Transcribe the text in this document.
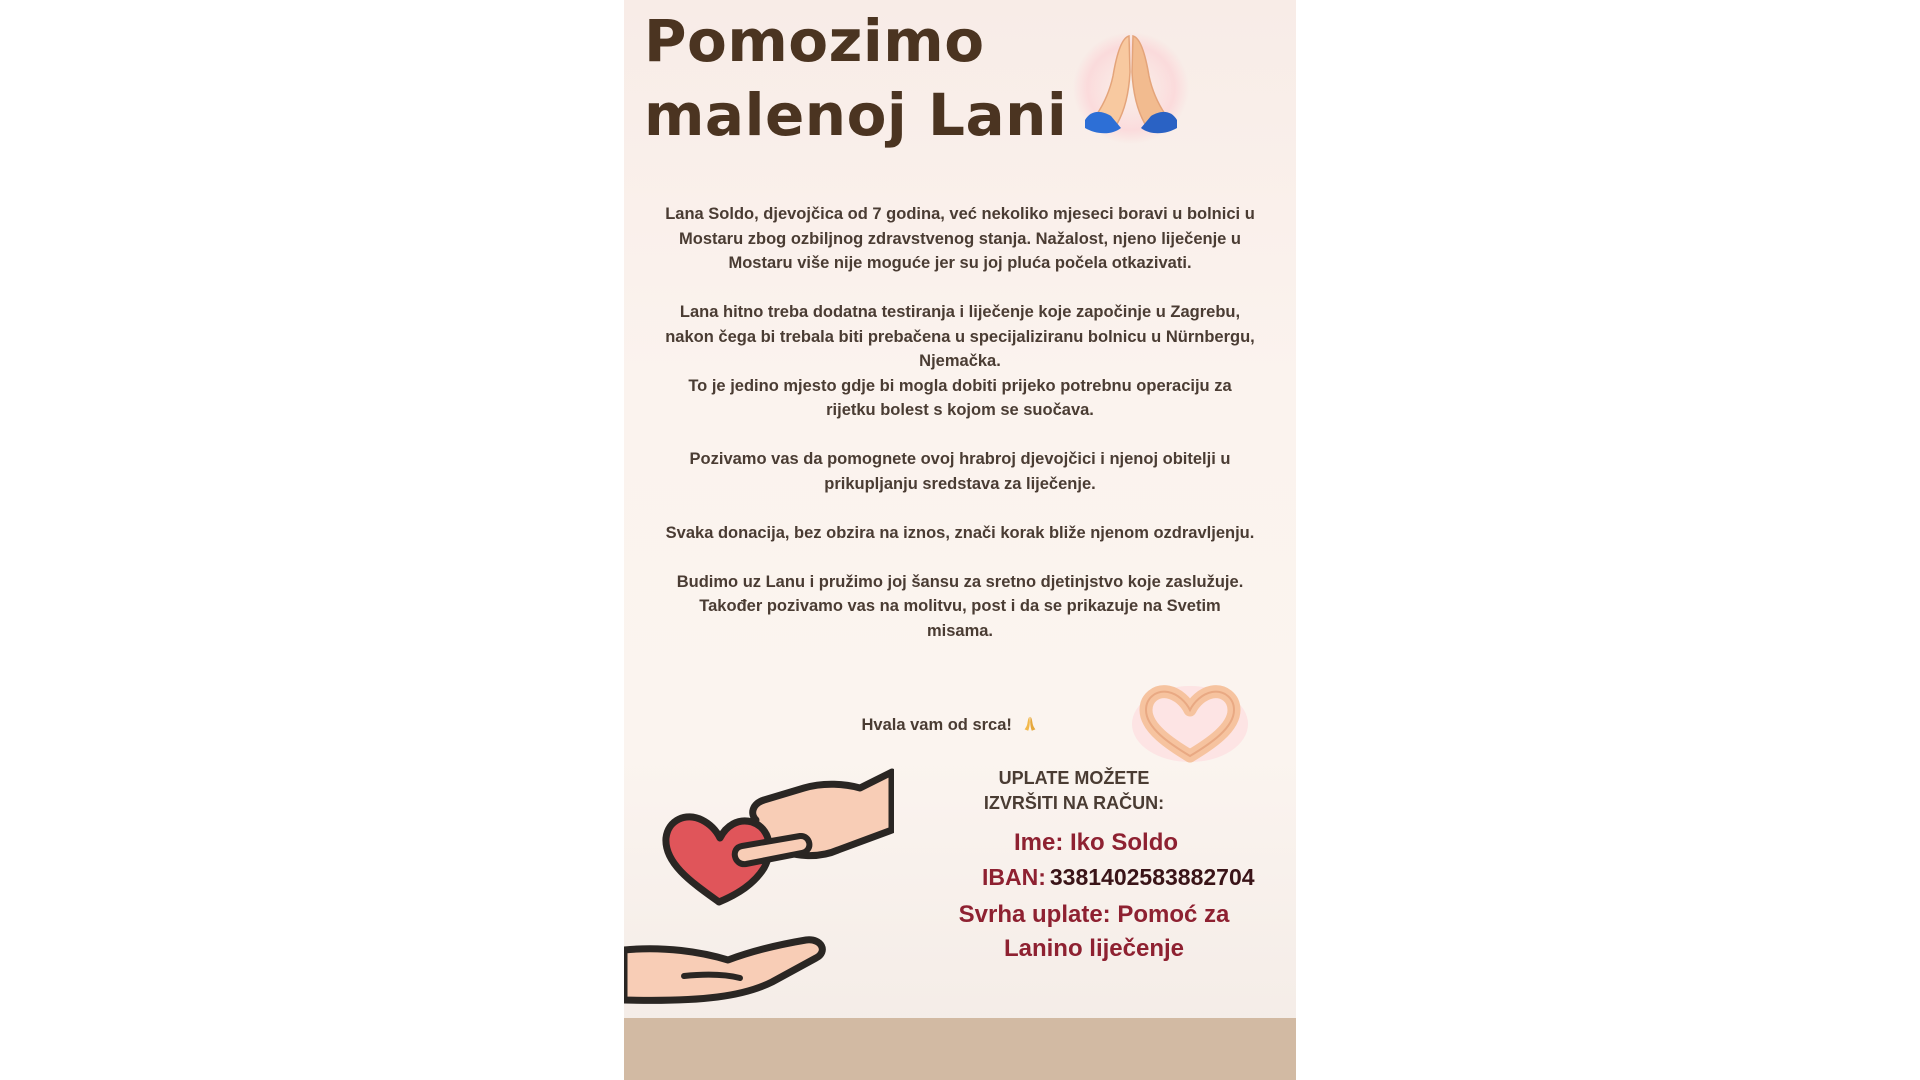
Pomozimo
malenoj Lani

Lana Soldo, djevojčica od 7 godina, već nekoliko mjeseci boravi u bolnici u Mostaru zbog ozbiljnog zdravstvenog stanja. Nažalost, njeno liječenje u Mostaru više nije moguće jer su joj pluća počela otkazivati.

Lana hitno treba dodatna testiranja i liječenje koje započinje u Zagrebu, nakon čega bi trebala biti prebačena u specijaliziranu bolnicu u Nürnbergu, Njemačka.

To je jedino mjesto gdje bi mogla dobiti prijeko potrebnu operaciju za rijetku bolest s kojom se suočava.

Pozivamo vas da pomognete ovoj hrabroj djevojčici i njenoj obitelji u prikupljanju sredstava za liječenje.

Svaka donacija, bez obzira na iznos, znači korak bliže njenom ozdravljenju.

Budimo uz Lanu i pružimo joj šansu za sretno djetinjstvo koje zaslužuje. Također pozivamo vas na molitvu, post i da se prikazuje na Svetim misama.

Hvala vam od srca!
UPLATE MOŽETE
IZVRŠITI NA RAČUN:
Ime: Iko Soldo
IBAN: 3381402583882704
Svrha uplate: Pomoć za Lanino liječenje
